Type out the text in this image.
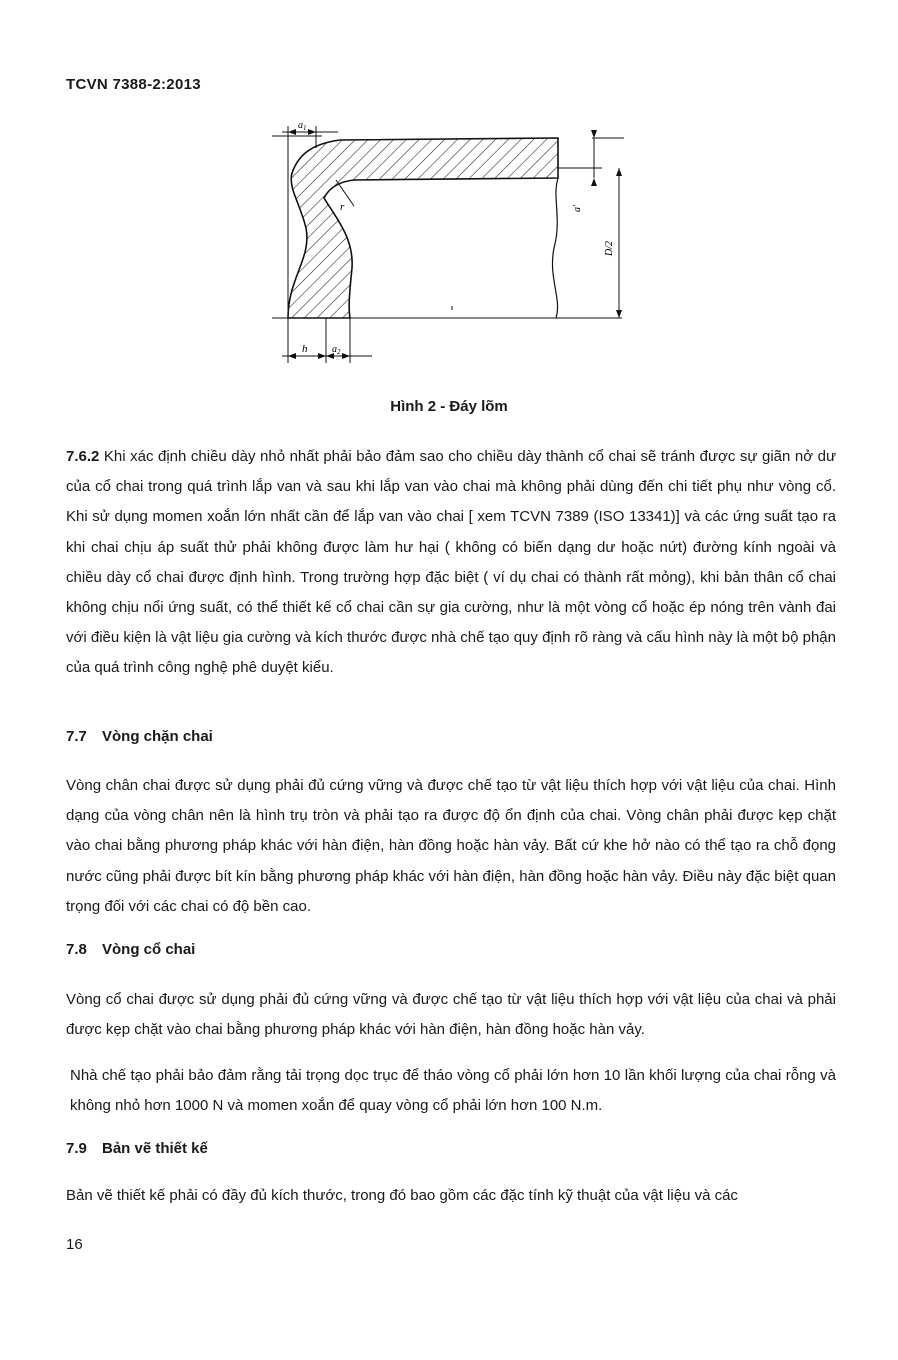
TCVN 7388-2:2013
$a_1$
h $a_2$
r	a'
D/2
Hình 2 - Đáy lõm
7.6.2 Khi xác định chiều dày nhỏ nhất phải bảo đảm sao cho chiều dày thành cổ chai sẽ tránh được sự giãn nở dư của cổ chai trong quá trình lắp van và sau khi lắp van vào chai mà không phải dùng đến chi tiết phụ như vòng cổ. Khi sử dụng momen xoắn lớn nhất cần để lắp van vào chai [ xem TCVN 7389 (ISO 13341)] và các ứng suất tạo ra khi chai chịu áp suất thử phải không được làm hư hại ( không có biến dạng dư hoặc nứt) đường kính ngoài và chiều dày cổ chai được định hình. Trong trường hợp đặc biệt ( ví dụ chai có thành rất mỏng), khi bản thân cổ chai không chịu nổi ứng suất, có thể thiết kế cổ chai cần sự gia cường, như là một vòng cổ hoặc ép nóng trên vành đai với điều kiện là vật liệu gia cường và kích thước được nhà chế tạo quy định rõ ràng và cấu hình này là một bộ phận của quá trình công nghệ phê duyệt kiểu.
7.7 Vòng chặn chai
Vòng chân chai được sử dụng phải đủ cứng vững và được chế tạo từ vật liệu thích hợp với vật liệu của chai. Hình dạng của vòng chân nên là hình trụ tròn và phải tạo ra được độ ổn định của chai. Vòng chân phải được kẹp chặt vào chai bằng phương pháp khác với hàn điện, hàn đồng hoặc hàn vảy. Bất cứ khe hở nào có thể tạo ra chỗ đọng nước cũng phải được bít kín bằng phương pháp khác với hàn điện, hàn đồng hoặc hàn vảy. Điều này đặc biệt quan trọng đối với các chai có độ bền cao.
7.8 Vòng cổ chai
Vòng cổ chai được sử dụng phải đủ cứng vững và được chế tạo từ vật liệu thích hợp với vật liệu của chai và phải được kẹp chặt vào chai bằng phương pháp khác với hàn điện, hàn đồng hoặc hàn vảy.
Nhà chế tạo phải bảo đảm rằng tải trọng dọc trục để tháo vòng cổ phải lớn hơn 10 lần khối lượng của chai rỗng và không nhỏ hơn 1000 N và momen xoắn để quay vòng cổ phải lớn hơn 100 N.m.
7.9 Bản vẽ thiết kế
Bản vẽ thiết kế phải có đầy đủ kích thước, trong đó bao gồm các đặc tính kỹ thuật của vật liệu và các
16
